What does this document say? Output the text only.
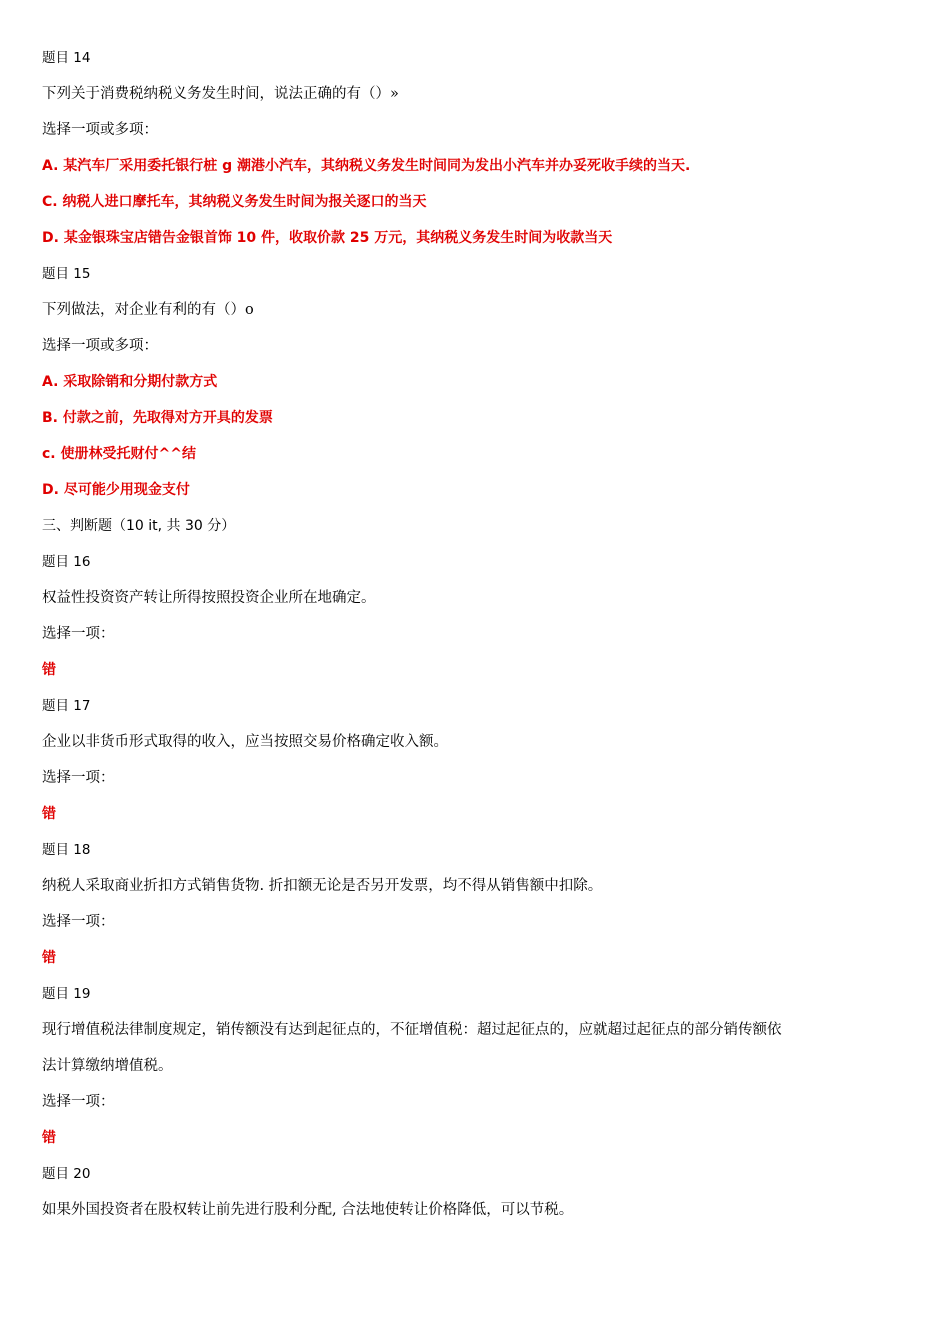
题目 14
下列关于消费税纳税义务发生时间，说法正确的有（）»
选择一项或多项：
A. 某汽车厂采用委托银行桩 g 潮港小汽车，其纳税义务发生时间同为发出小汽车并办妥死收手续的当天.
C. 纳税人进口摩托车，其纳税义务发生时间为报关逐口的当天
D. 某金银珠宝店错告金银首饰 10 件，收取价款 25 万元，其纳税义务发生时间为收款当天
题目 15
下列做法，对企业有利的有（）o
选择一项或多项：
A. 采取除销和分期付款方式
B. 付款之前，先取得对方开具的发票
c. 使册林受托财付^^结
D. 尽可能少用现金支付
三、判断题（10 it, 共 30 分）
题目 16
权益性投资资产转让所得按照投资企业所在地确定。
选择一项：
错
题目 17
企业以非货币形式取得的收入，应当按照交易价格确定收入额。
选择一项：
错
题目 18
纳税人采取商业折扣方式销售货物. 折扣额无论是否另开发票，均不得从销售额中扣除。
选择一项：
错
题目 19
现行增值税法律制度规定，销传额没有达到起征点的，不征增值税：超过起征点的，应就超过起征点的部分销传额依
法计算缴纳增值税。
选择一项：
错
题目 20
如果外国投资者在股权转让前先进行股利分配, 合法地使转让价格降低，可以节税。
